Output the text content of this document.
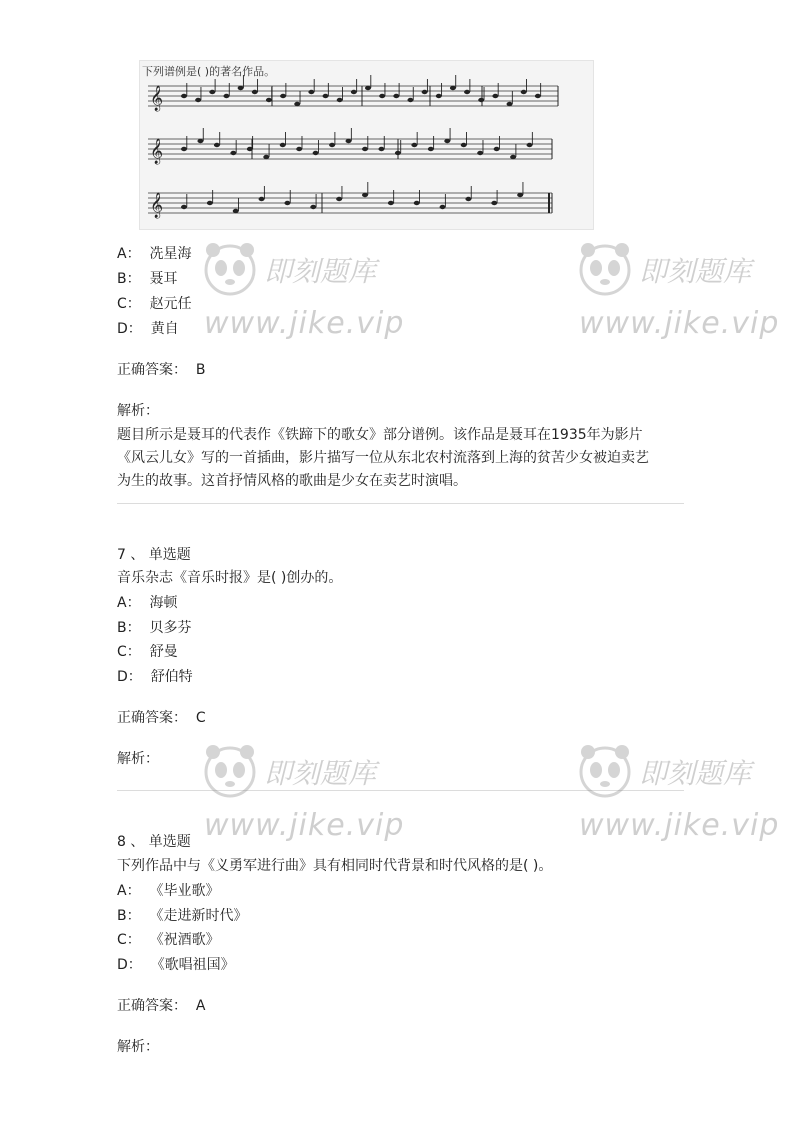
下列谱例是( )的著名作品。
𝄞
𝄞
𝄞
A： 冼星海
B： 聂耳
C： 赵元任
D： 黄自
正确答案： B
解析：
题目所示是聂耳的代表作《铁蹄下的歌女》部分谱例。该作品是聂耳在1935年为影片
《风云儿女》写的一首插曲，影片描写一位从东北农村流落到上海的贫苦少女被迫卖艺
为生的故事。这首抒情风格的歌曲是少女在卖艺时演唱。
7 、 单选题
音乐杂志《音乐时报》是( )创办的。
A： 海顿
B： 贝多芬
C： 舒曼
D： 舒伯特
正确答案： C
解析：
8 、 单选题
下列作品中与《义勇军进行曲》具有相同时代背景和时代风格的是( )。
A： 《毕业歌》
B： 《走进新时代》
C： 《祝酒歌》
D： 《歌唱祖国》
正确答案： A
解析：
即刻题库
www.jike.vip
即刻题库
www.jike.vip
即刻题库
www.jike.vip
即刻题库
www.jike.vip
